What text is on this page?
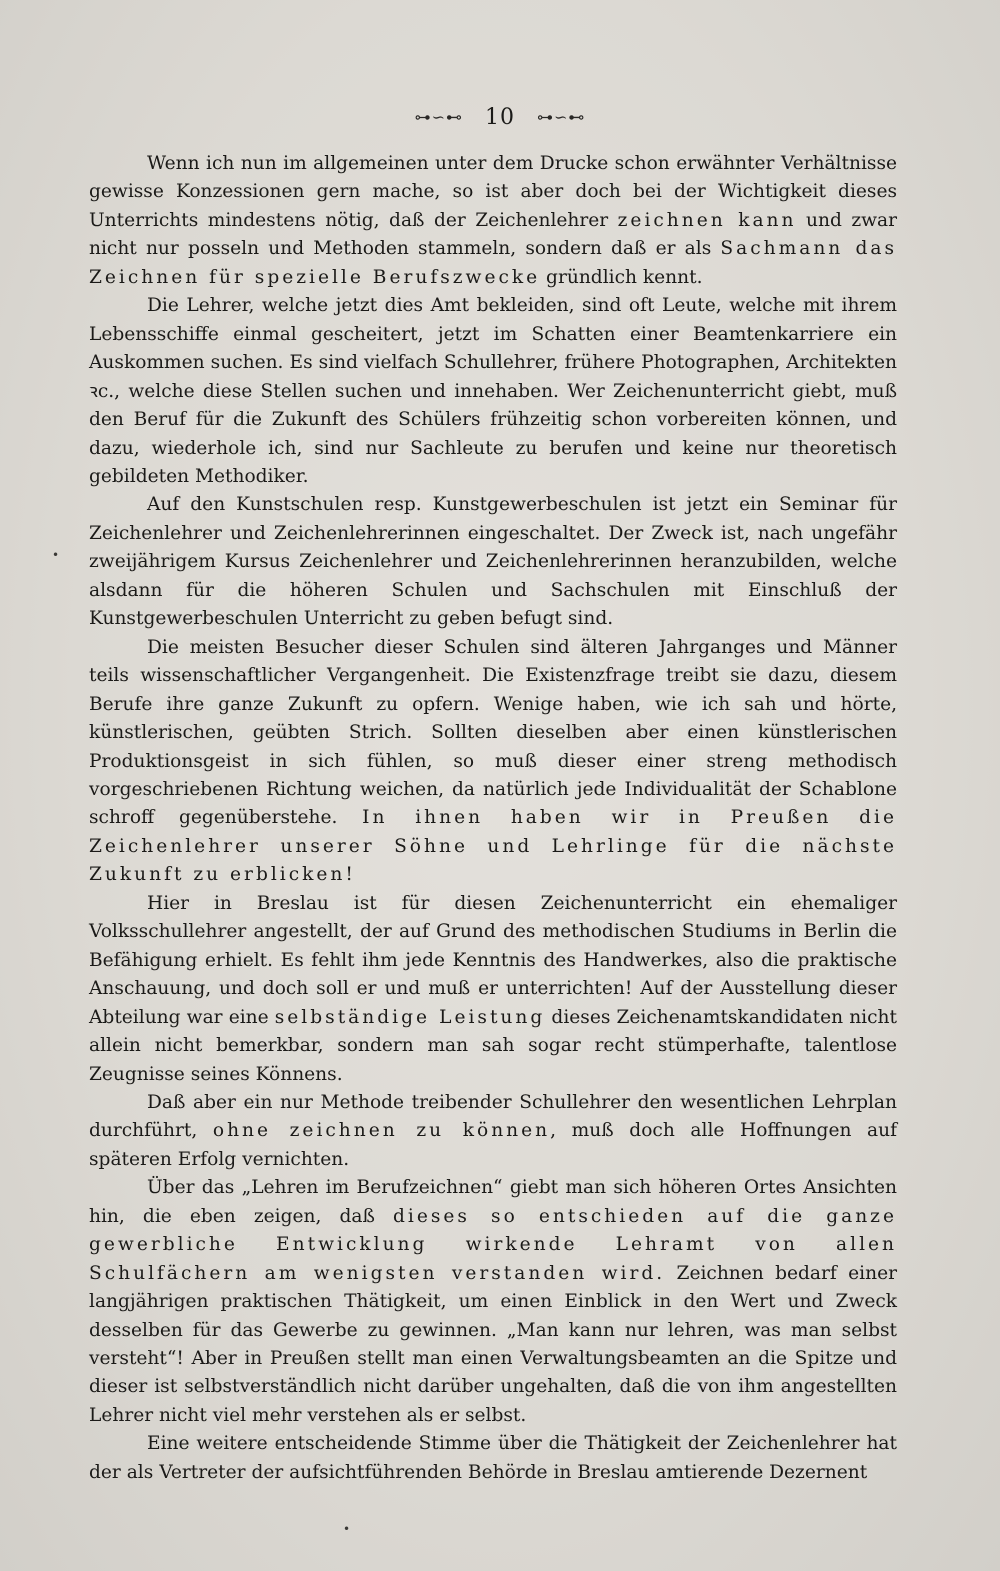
⊶∽⊷ 10 ⊶∽⊷

Wenn ich nun im allgemeinen unter dem Drucke schon erwähnter Verhältnisse gewisse Konzessionen gern mache, so ist aber doch bei der Wichtigkeit dieses Unterrichts mindestens nötig, daß der Zeichenlehrer zeichnen kann und zwar nicht nur posseln und Methoden stammeln, sondern daß er als Sachmann das Zeichnen für spezielle Berufszwecke gründlich kennt.

Die Lehrer, welche jetzt dies Amt bekleiden, sind oft Leute, welche mit ihrem Lebensschiffe einmal gescheitert, jetzt im Schatten einer Beamtenkarriere ein Auskommen suchen. Es sind vielfach Schullehrer, frühere Photographen, Architekten ꝛc., welche diese Stellen suchen und innehaben. Wer Zeichenunterricht giebt, muß den Beruf für die Zukunft des Schülers frühzeitig schon vorbereiten können, und dazu, wiederhole ich, sind nur Sachleute zu berufen und keine nur theoretisch gebildeten Methodiker.

Auf den Kunstschulen resp. Kunstgewerbeschulen ist jetzt ein Seminar für Zeichenlehrer und Zeichenlehrerinnen eingeschaltet. Der Zweck ist, nach ungefähr zweijährigem Kursus Zeichenlehrer und Zeichenlehrerinnen heranzubilden, welche alsdann für die höheren Schulen und Sachschulen mit Einschluß der Kunstgewerbeschulen Unterricht zu geben befugt sind.

Die meisten Besucher dieser Schulen sind älteren Jahrganges und Männer teils wissenschaftlicher Vergangenheit. Die Existenzfrage treibt sie dazu, diesem Berufe ihre ganze Zukunft zu opfern. Wenige haben, wie ich sah und hörte, künstlerischen, geübten Strich. Sollten dieselben aber einen künstlerischen Produktionsgeist in sich fühlen, so muß dieser einer streng methodisch vorgeschriebenen Richtung weichen, da natürlich jede Individualität der Schablone schroff gegenüberstehe. In ihnen haben wir in Preußen die Zeichenlehrer unserer Söhne und Lehrlinge für die nächste Zukunft zu erblicken!

Hier in Breslau ist für diesen Zeichenunterricht ein ehemaliger Volksschullehrer angestellt, der auf Grund des methodischen Studiums in Berlin die Befähigung erhielt. Es fehlt ihm jede Kenntnis des Handwerkes, also die praktische Anschauung, und doch soll er und muß er unterrichten! Auf der Ausstellung dieser Abteilung war eine selbständige Leistung dieses Zeichenamtskandidaten nicht allein nicht bemerkbar, sondern man sah sogar recht stümperhafte, talentlose Zeugnisse seines Könnens.

Daß aber ein nur Methode treibender Schullehrer den wesentlichen Lehrplan durchführt, ohne zeichnen zu können, muß doch alle Hoffnungen auf späteren Erfolg vernichten.

Über das „Lehren im Berufzeichnen“ giebt man sich höheren Ortes Ansichten hin, die eben zeigen, daß dieses so entschieden auf die ganze gewerbliche Entwicklung wirkende Lehramt von allen Schulfächern am wenigsten verstanden wird. Zeichnen bedarf einer langjährigen praktischen Thätigkeit, um einen Einblick in den Wert und Zweck desselben für das Gewerbe zu gewinnen. „Man kann nur lehren, was man selbst versteht“! Aber in Preußen stellt man einen Verwaltungsbeamten an die Spitze und dieser ist selbstverständlich nicht darüber ungehalten, daß die von ihm angestellten Lehrer nicht viel mehr verstehen als er selbst.

Eine weitere entscheidende Stimme über die Thätigkeit der Zeichenlehrer hat der als Vertreter der aufsichtführenden Behörde in Breslau amtierende Dezernent

•
•
